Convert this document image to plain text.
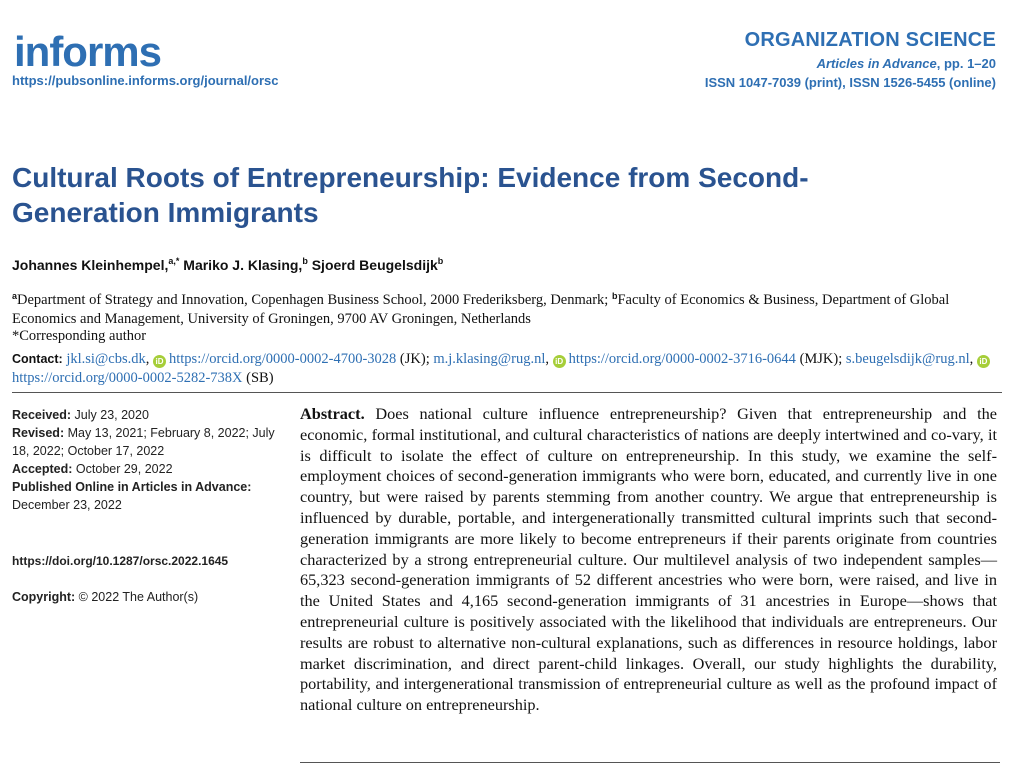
informs
https://pubsonline.informs.org/journal/orsc
ORGANIZATION SCIENCE
Articles in Advance, pp. 1–20
ISSN 1047-7039 (print), ISSN 1526-5455 (online)
Cultural Roots of Entrepreneurship: Evidence from Second-Generation Immigrants
Johannes Kleinhempel,$^{a,*}$ Mariko J. Klasing,$^b$ Sjoerd Beugelsdijk$^b$
$^a$Department of Strategy and Innovation, Copenhagen Business School, 2000 Frederiksberg, Denmark; $^b$Faculty of Economics & Business, Department of Global Economics and Management, University of Groningen, 9700 AV Groningen, Netherlands
*Corresponding author
Contact: jkl.si@cbs.dk, iD https://orcid.org/0000-0002-4700-3028 (JK); m.j.klasing@rug.nl, iD https://orcid.org/0000-0002-3716-0644 (MJK); s.beugelsdijk@rug.nl, iDhttps://orcid.org/0000-0002-5282-738X (SB)
Received: July 23, 2020
Revised: May 13, 2021; February 8, 2022; July 18, 2022; October 17, 2022
Accepted: October 29, 2022
Published Online in Articles in Advance:
December 23, 2022
https://doi.org/10.1287/orsc.2022.1645
Copyright: © 2022 The Author(s)

Abstract. Does national culture influence entrepreneurship? Given that entrepreneurship and the economic, formal institutional, and cultural characteristics of nations are deeply intertwined and co-vary, it is difficult to isolate the effect of culture on entrepreneurship. In this study, we examine the self-employment choices of second-generation immigrants who were born, educated, and currently live in one country, but were raised by parents stemming from another country. We argue that entrepreneurship is influenced by durable, portable, and intergenerationally transmitted cultural imprints such that second-generation immigrants are more likely to become entrepreneurs if their parents originate from countries characterized by a strong entrepreneurial culture. Our multilevel analysis of two independent samples—65,323 second-generation immigrants of 52 different ancestries who were born, were raised, and live in the United States and 4,165 second-generation immigrants of 31 ancestries in Europe—shows that entrepreneurial culture is positively associated with the likelihood that individuals are entrepreneurs. Our results are robust to alternative non-cultural explanations, such as differences in resource holdings, labor market discrimination, and direct parent-child linkages. Overall, our study highlights the durability, portability, and intergenerational transmission of entrepreneurial culture as well as the profound impact of national culture on entrepreneurship.
